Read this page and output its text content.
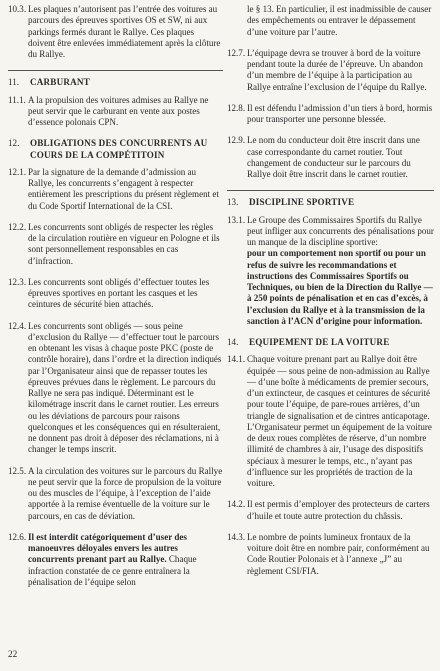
10.3. Les plaques n’autorisent pas l’entrée des voitures au parcours des épreuves sportives OS et SW, ni aux parkings fermés durant le Rallye. Ces plaques doivent être enlevées immédiatement après la clôture du Rallye.
11.	CARBURANT
11.1. A la propulsion des voitures admises au Rallye ne peut servir que le carburant en vente aux postes d’essence polonais CPN.
12.	OBLIGATIONS DES CONCURRENTS AU COURS DE LA COMPÉTITOIN
12.1. Par la signature de la demande d’admission au Rallye, les concurrents s’engagent à respecter entièrement les prescriptions du présent règlement et du Code Sportif International de la CSI.
12.2. Les concurrents sont obligés de respecter les règles de la circulation routière en vigueur en Pologne et ils sont personnellement responsables en cas d’infraction.
12.3. Les concurrents sont obligés d’effectuer toutes les épreuves sportives en portant les casques et les ceintures de sécurité bien attachés.
12.4. Les concurrents sont obligés — sous peine d’exclusion du Rallye — d’effectuer tout le parcours en obtenant les visas à chaque poste PKC (poste de contrôle horaire), dans l’ordre et la direction indiqués par l’Organisateur ainsi que de repasser toutes les épreuves prévues dans le règlement. Le parcours du Rallye ne sera pas indiqué. Déterminant est le kilométrage inscrit dans le carnet routier. Les erreurs ou les déviations de parcours pour raisons quelconques et les conséquences qui en résulteraient, ne donnent pas droit à déposer des réclamations, ni à changer le temps inscrit.
12.5. A la circulation des voitures sur le parcours du Rallye ne peut servir que la force de propulsion de la voiture ou des muscles de l’équipe, à l’exception de l’aide apportée à la remise éventuelle de la voiture sur le parcours, en cas de déviation.
12.6. Il est interdit catégoriquement d’user des manoeuvres déloyales envers les autres concurrents prenant part au Rallye. Chaque infraction constatée de ce genre entraînera la pénalisation de l’équipe selon
le § 13. En particulier, il est inadmissible de causer des empêchements ou entraver le dépassement d’une voiture par l’autre.
12.7. L’équipage devra se trouver à bord de la voiture pendant toute la durée de l’épreuve. Un abandon d’un membre de l’équipe à la participation au Rallye entraîne l’exclusion de l’équipe du Rallye.
12.8. Il est défendu l’admission d’un tiers à bord, hormis pour transporter une personne blessée.
12.9. Le nom du conducteur doit être inscrit dans une case correspondante du carnet routier. Tout changement de conducteur sur le parcours du Rallye doit être inscrit dans le carnet routier.
13.	DISCIPLINE SPORTIVE
13.1. Le Groupe des Commissaires Sportifs du Rallye peut infliger aux concurrents des pénalisations pour un manque de la discipline sportive:
pour un comportement non sportif ou pour un refus de suivre les recommandations et instructions des Commissaires Sportifs ou Techniques, ou bien de la Direction du Rallye — à 250 points de pénalisation et en cas d’excès, à l’exclusion du Rallye et à la transmission de la sanction à l’ACN d’origine pour information.
14.	EQUIPEMENT DE LA VOITURE
14.1. Chaque voiture prenant part au Rallye doit être équipée — sous peine de non-admission au Rallye — d’une boîte à médicaments de premier secours, d’un extincteur, de casques et ceintures de sécurité pour toute l’équipe, de pare-roues arrières, d’un triangle de signalisation et de cintres anticapotage. L’Organisateur permet un équipement de la voiture de deux roues complètes de réserve, d’un nombre illimité de chambres à air, l’usage des dispositifs spéciaux à mesurer le temps, etc., n’ayant pas d’influence sur les propriétés de traction de la voiture.
14.2. Il est permis d’employer des protecteurs de carters d’huile et toute autre protection du châssis.
14.3. Le nombre de points lumineux frontaux de la voiture doit être en nombre pair, conformément au Code Routier Polonais et à l’annexe „J” au règlement CSI/FIA.
22
